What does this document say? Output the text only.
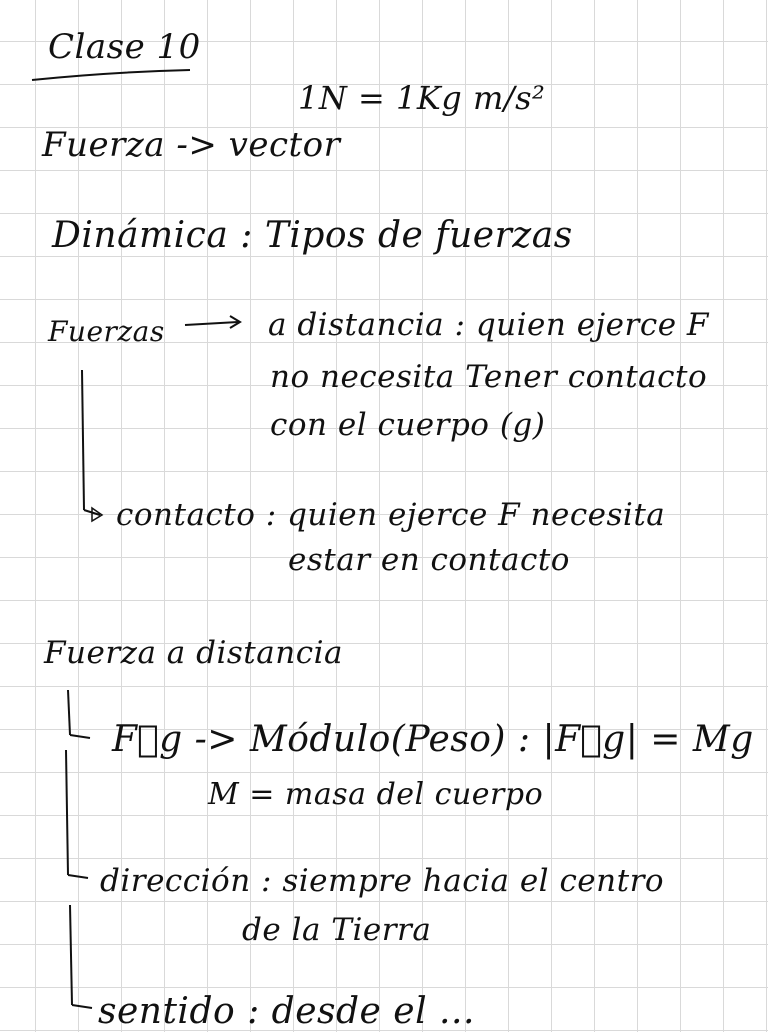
Clase 10
1N = 1Kg m/s²
Fuerza -> vector
Dinámica : Tipos de fuerzas
Fuerzas	a distancia : quien ejerce F
no necesita Tener contacto
con el cuerpo (g)
contacto : quien ejerce F necesita
estar en contacto
Fuerza a distancia
F⃗g -> Módulo(Peso) : |F⃗g| = Mg
M = masa del cuerpo
dirección : siempre hacia el centro
de la Tierra
sentido : desde el ...
